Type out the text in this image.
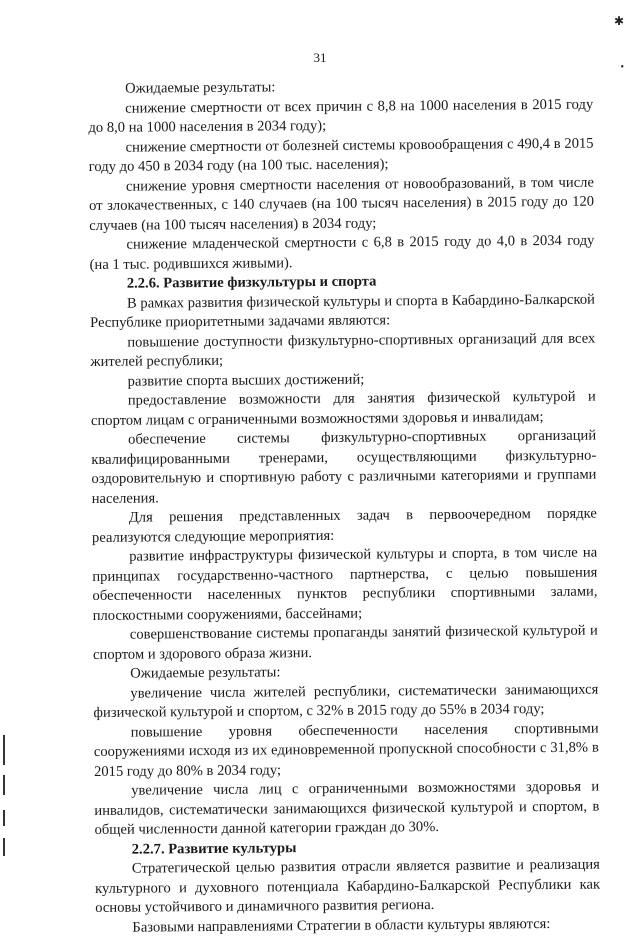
31

Ожидаемые результаты:

снижение смертности от всех причин с 8,8 на 1000 населения в 2015 году до 8,0 на 1000 населения в 2034 году);

снижение смертности от болезней системы кровообращения с 490,4 в 2015 году до 450 в 2034 году (на 100 тыс. населения);

снижение уровня смертности населения от новообразований, в том числе от злокачественных, с 140 случаев (на 100 тысяч населения) в 2015 году до 120 случаев (на 100 тысяч населения) в 2034 году;

снижение младенческой смертности с 6,8 в 2015 году до 4,0 в 2034 году (на 1 тыс. родившихся живыми).

2.2.6. Развитие физкультуры и спорта

В рамках развития физической культуры и спорта в Кабардино-Балкарской Республике приоритетными задачами являются:

повышение доступности физкультурно-спортивных организаций для всех жителей республики;

развитие спорта высших достижений;

предоставление возможности для занятия физической культурой и спортом лицам с ограниченными возможностями здоровья и инвалидам;

обеспечение системы физкультурно-спортивных организаций квалифицированными тренерами, осуществляющими физкультурно-оздоровительную и спортивную работу с различными категориями и группами населения.

Для решения представленных задач в первоочередном порядке реализуются следующие мероприятия:

развитие инфраструктуры физической культуры и спорта, в том числе на принципах государственно-частного партнерства, с целью повышения обеспеченности населенных пунктов республики спортивными залами, плоскостными сооружениями, бассейнами;

совершенствование системы пропаганды занятий физической культурой и спортом и здорового образа жизни.

Ожидаемые результаты:

увеличение числа жителей республики, систематически занимающихся физической культурой и спортом, с 32% в 2015 году до 55% в 2034 году;

повышение уровня обеспеченности населения спортивными сооружениями исходя из их единовременной пропускной способности с 31,8% в 2015 году до 80% в 2034 году;

увеличение числа лиц с ограниченными возможностями здоровья и инвалидов, систематически занимающихся физической культурой и спортом, в общей численности данной категории граждан до 30%.

2.2.7. Развитие культуры

Стратегической целью развития отрасли является развитие и реализация культурного и духовного потенциала Кабардино-Балкарской Республики как основы устойчивого и динамичного развития региона.

Базовыми направлениями Стратегии в области культуры являются:

✱
•
